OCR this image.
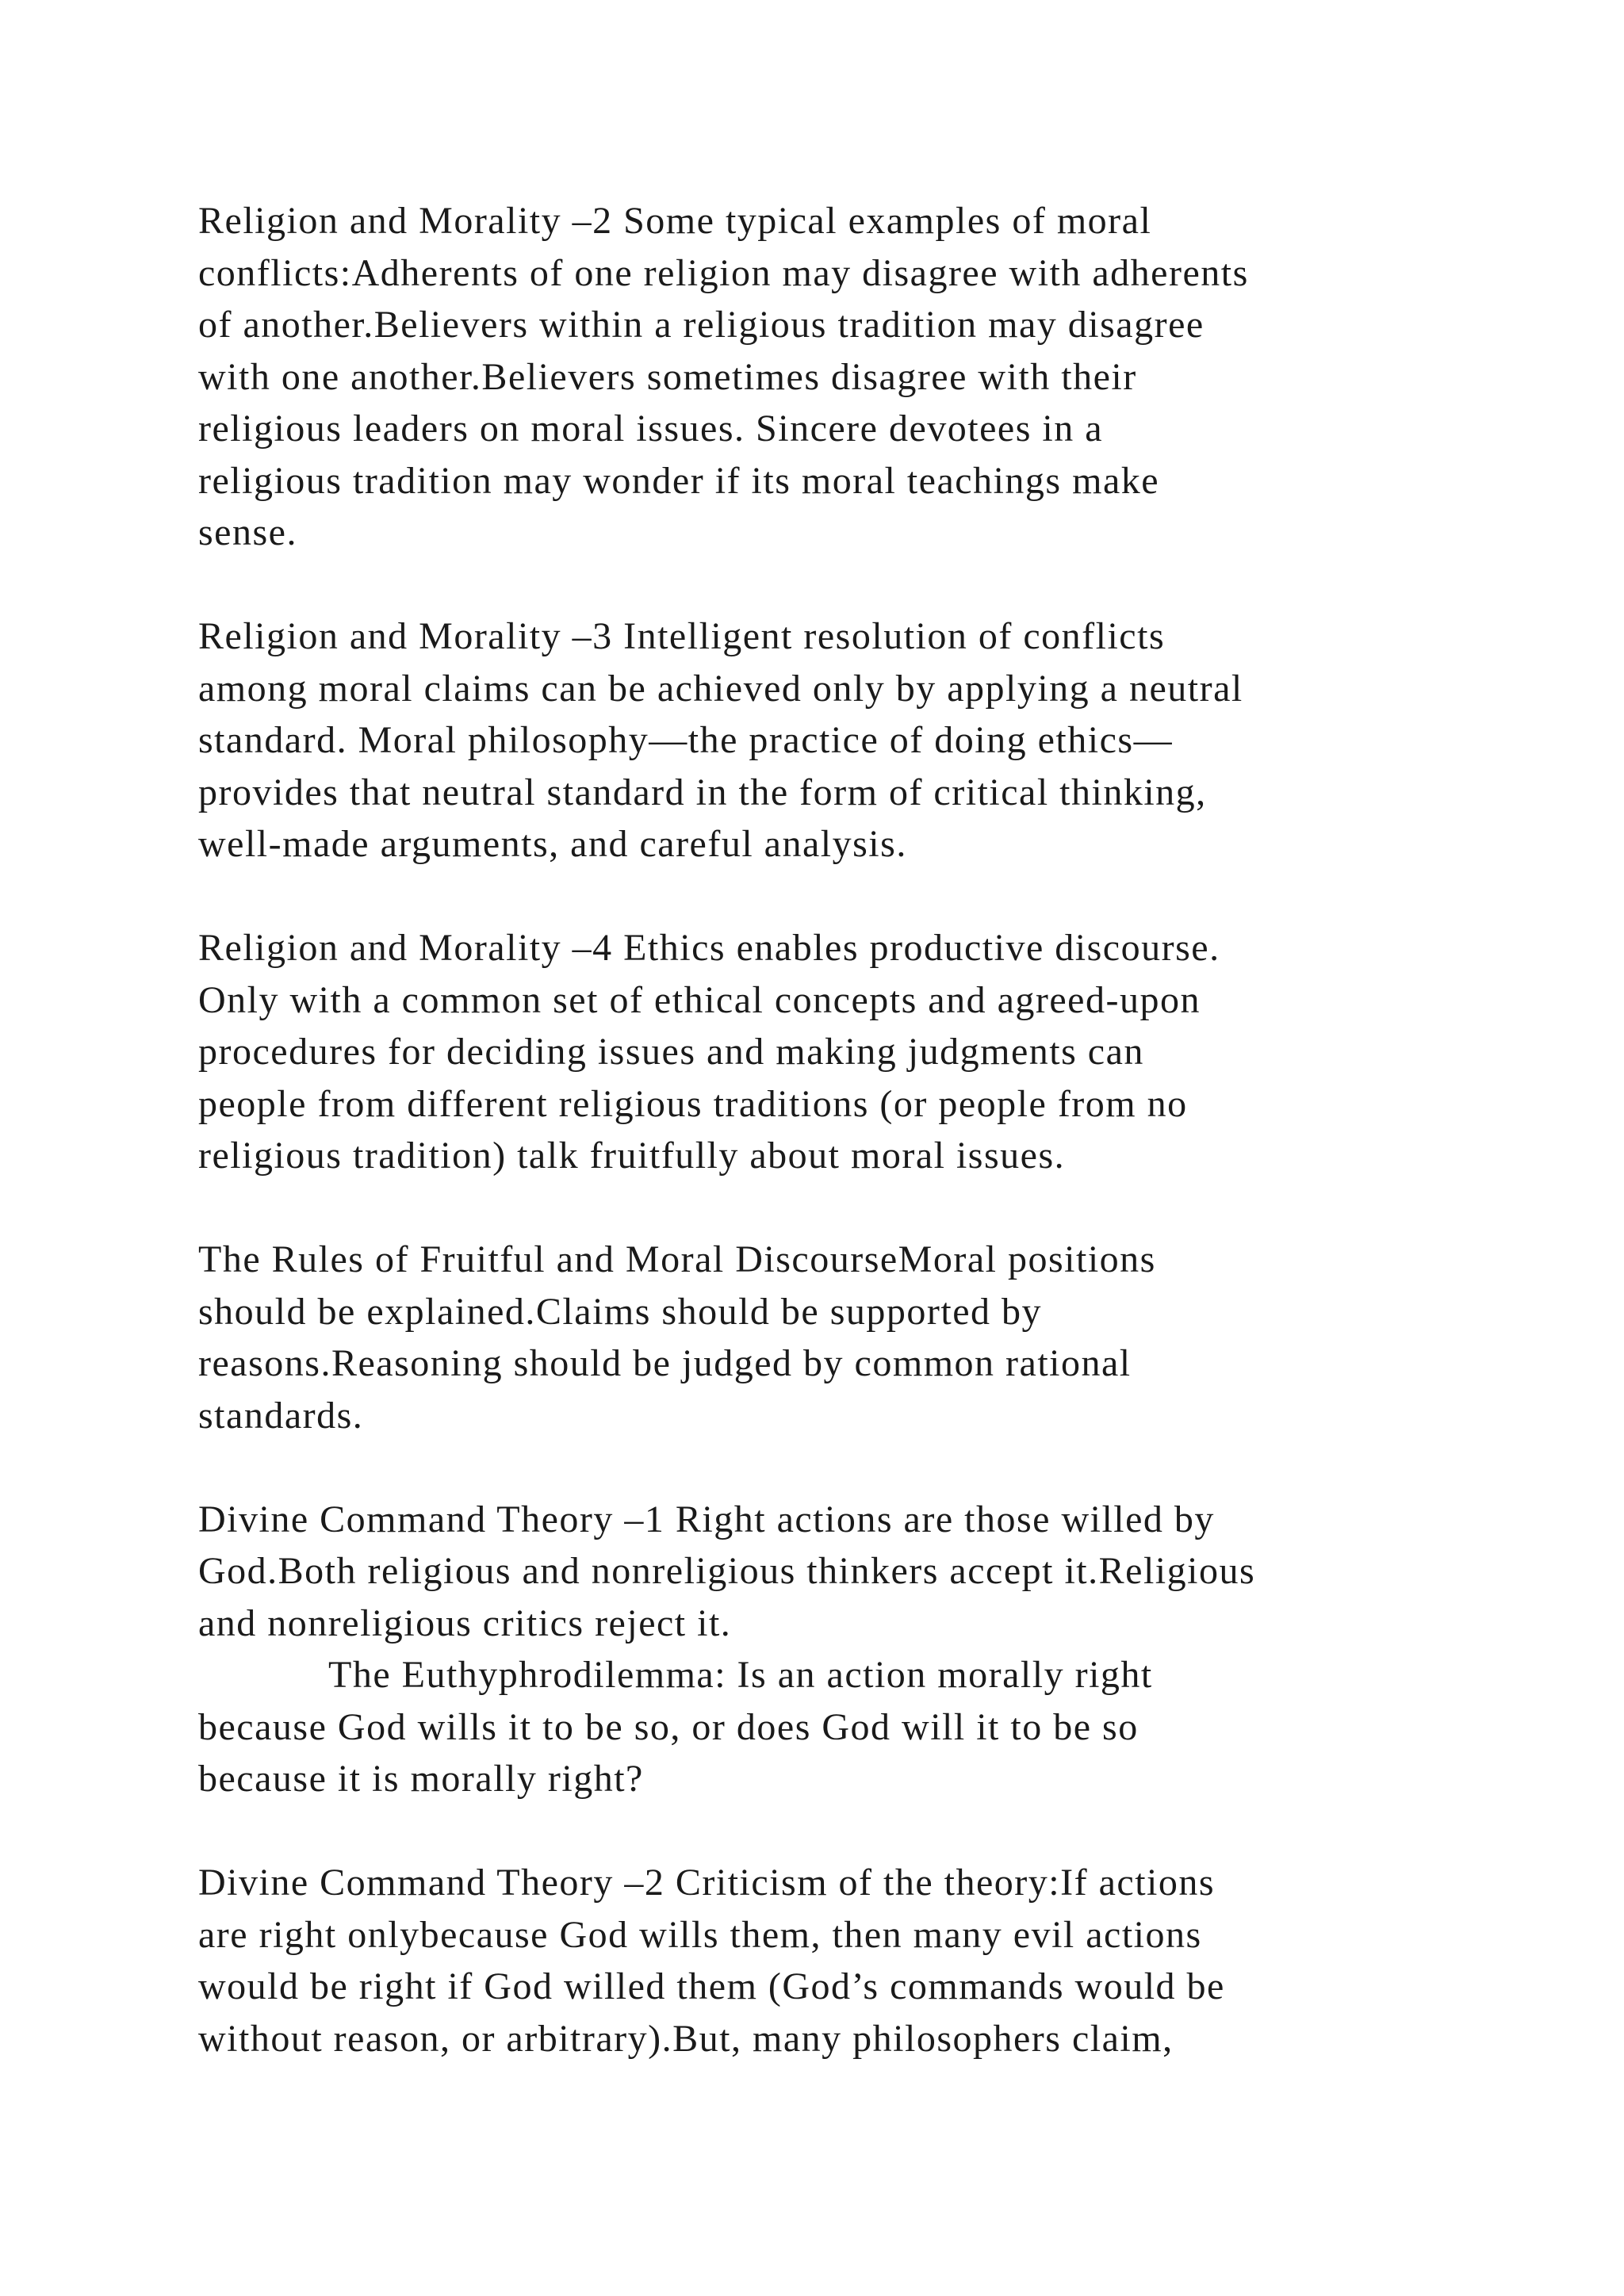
Religion and Morality –2 Some typical examples of moral
conflicts:Adherents of one religion may disagree with adherents
of another.Believers within a religious tradition may disagree
with one another.Believers sometimes disagree with their
religious leaders on moral issues. Sincere devotees in a
religious tradition may wonder if its moral teachings make
sense.

Religion and Morality –3 Intelligent resolution of conflicts
among moral claims can be achieved only by applying a neutral
standard. Moral philosophy—the practice of doing ethics—
provides that neutral standard in the form of critical thinking,
well-made arguments, and careful analysis.

Religion and Morality –4 Ethics enables productive discourse.
Only with a common set of ethical concepts and agreed-upon
procedures for deciding issues and making judgments can
people from different religious traditions (or people from no
religious tradition) talk fruitfully about moral issues.

The Rules of Fruitful and Moral DiscourseMoral positions
should be explained.Claims should be supported by
reasons.Reasoning should be judged by common rational
standards.

Divine Command Theory –1 Right actions are those willed by
God.Both religious and nonreligious thinkers accept it.Religious
and nonreligious critics reject it.
The Euthyphrodilemma: Is an action morally right
because God wills it to be so, or does God will it to be so
because it is morally right?

Divine Command Theory –2 Criticism of the theory:If actions
are right onlybecause God wills them, then many evil actions
would be right if God willed them (God’s commands would be
without reason, or arbitrary).But, many philosophers claim,
